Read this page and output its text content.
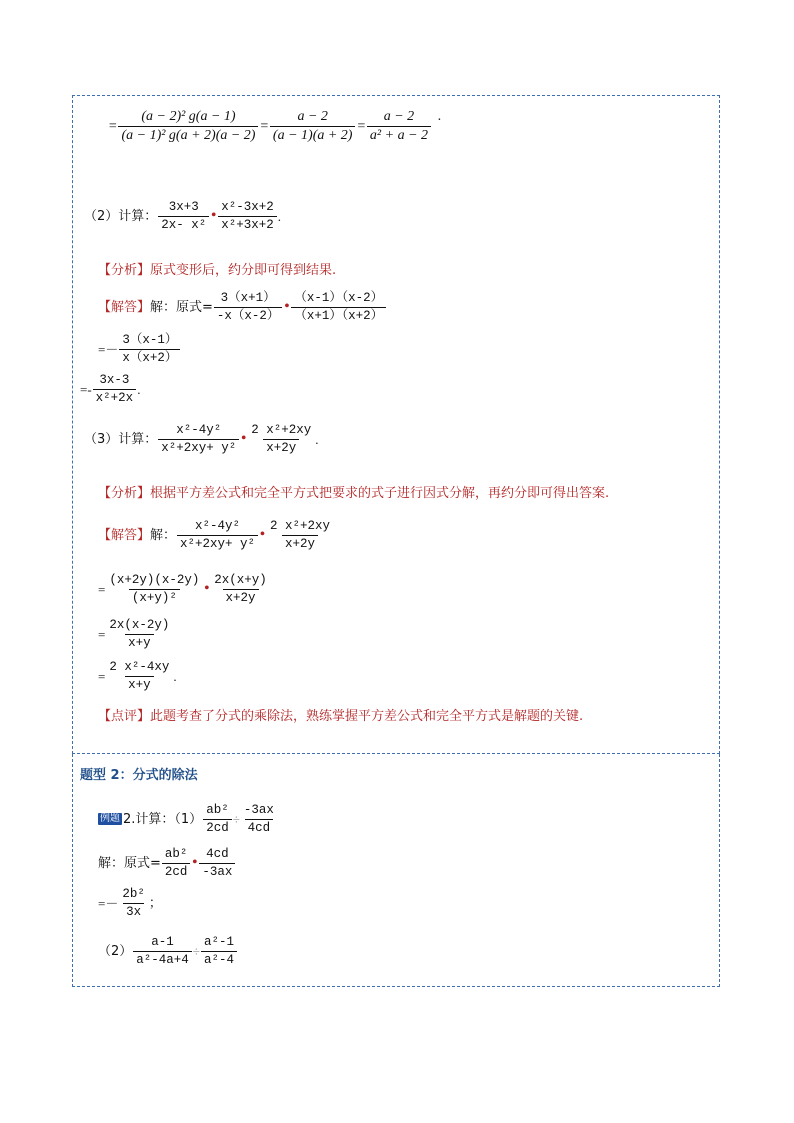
= $\frac{\text{(a − 2)² g(a − 1)}}{\text{(a − 1)² g(a + 2)(a − 2)}} = \frac{a - 2}{(a - 1)(a + 2)} = \frac{a - 2}{\text{a² + a − 2}}$ .
（2）计算： $\frac{3x+3}{\text{2x- x²}}$ • $\frac{\text{x²-3x+2}}{\text{x²+3x+2}}$ .
【分析】 原式变形后，约分即可得到结果.
【解答】 解：原式= $\frac{3(x+1)}{-x(x-2)}$ • $\frac{(x-1)(x-2)}{(x+1)(x+2)}$
=－ $\frac{3(x-1)}{x(x+2)}$
=- $\frac{3x-3}{\text{x²+2x}}$ .
（3）计算： $\frac{\text{x²-4y²}}{\text{x²+2xy+ y²}}$ • $\frac{\text{2 x²+2xy}}{x+2y}$ .
【分析】 根据平方差公式和完全平方式把要求的式子进行因式分解，再约分即可得出答案.
【解答】 解： $\frac{\text{x²-4y²}}{\text{x²+2xy+ y²}}$ • $\frac{\text{2 x²+2xy}}{x+2y}$
= $\frac{(x+2y)(x-2y)}{\text{(x+y)²}}$ • $\frac{2x(x+y)}{x+2y}$
= $\frac{2x(x-2y)}{x+y}$
= $\frac{\text{2 x²-4xy}}{x+y}$ .
【点评】 此题考查了分式的乘除法，熟练掌握平方差公式和完全平方式是解题的关键.
题型 2：分式的除法
例题 2.计算：$(1) \frac{\text{ab²}}{2cd} \div \frac{-3ax}{4cd}$
解：原式= $\frac{\text{ab²}}{2cd}$ • $\frac{4cd}{-3ax}$
=－ $\frac{\text{2b²}}{3x}$ ；
$(2) \frac{a-1}{\text{a²-4a+4}} \div \frac{\text{a²-1}}{\text{a²-4}}$
